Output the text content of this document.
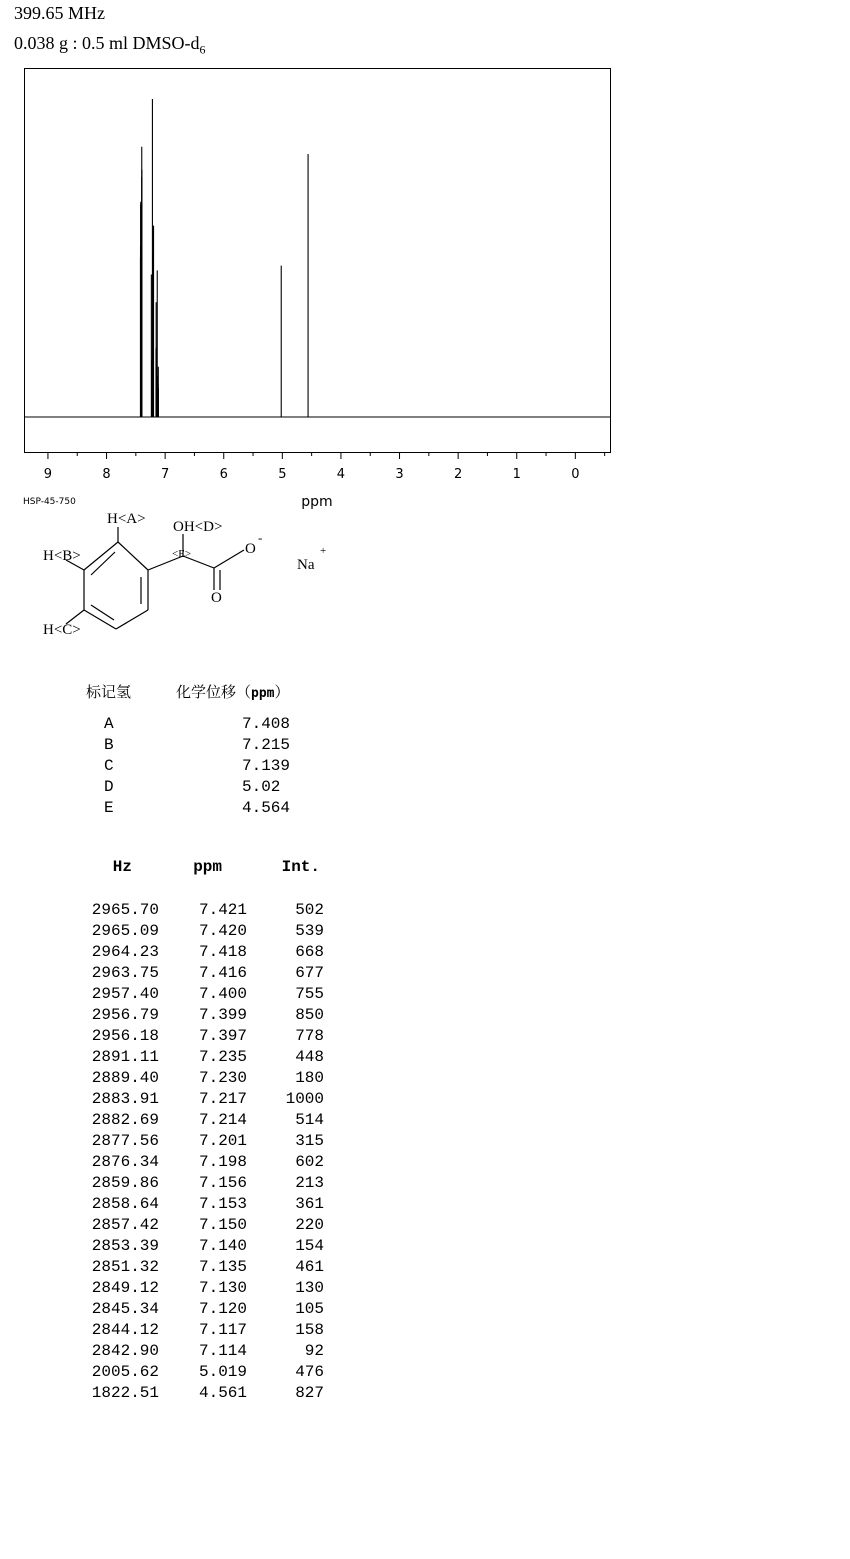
399.65 MHz
0.038 g : 0.5 ml DMSO-$d_6$
9	8	7	6	5	4	3	2	1	0
ppm
HSP-45-750
H<A>
H<B>
H<C>
OH<D>
<E>	O
-
O
Na
+
标记氢	化学位移（ppm）
A	7.408
B	7.215
C	7.139
D	5.02
E	4.564
Hz	ppm	Int.
2965.70	7.421	502
2965.09	7.420	539
2964.23	7.418	668
2963.75	7.416	677
2957.40	7.400	755
2956.79	7.399	850
2956.18	7.397	778
2891.11	7.235	448
2889.40	7.230	180
2883.91	7.217	1000
2882.69	7.214	514
2877.56	7.201	315
2876.34	7.198	602
2859.86	7.156	213
2858.64	7.153	361
2857.42	7.150	220
2853.39	7.140	154
2851.32	7.135	461
2849.12	7.130	130
2845.34	7.120	105
2844.12	7.117	158
2842.90	7.114	92
2005.62	5.019	476
1822.51	4.561	827
